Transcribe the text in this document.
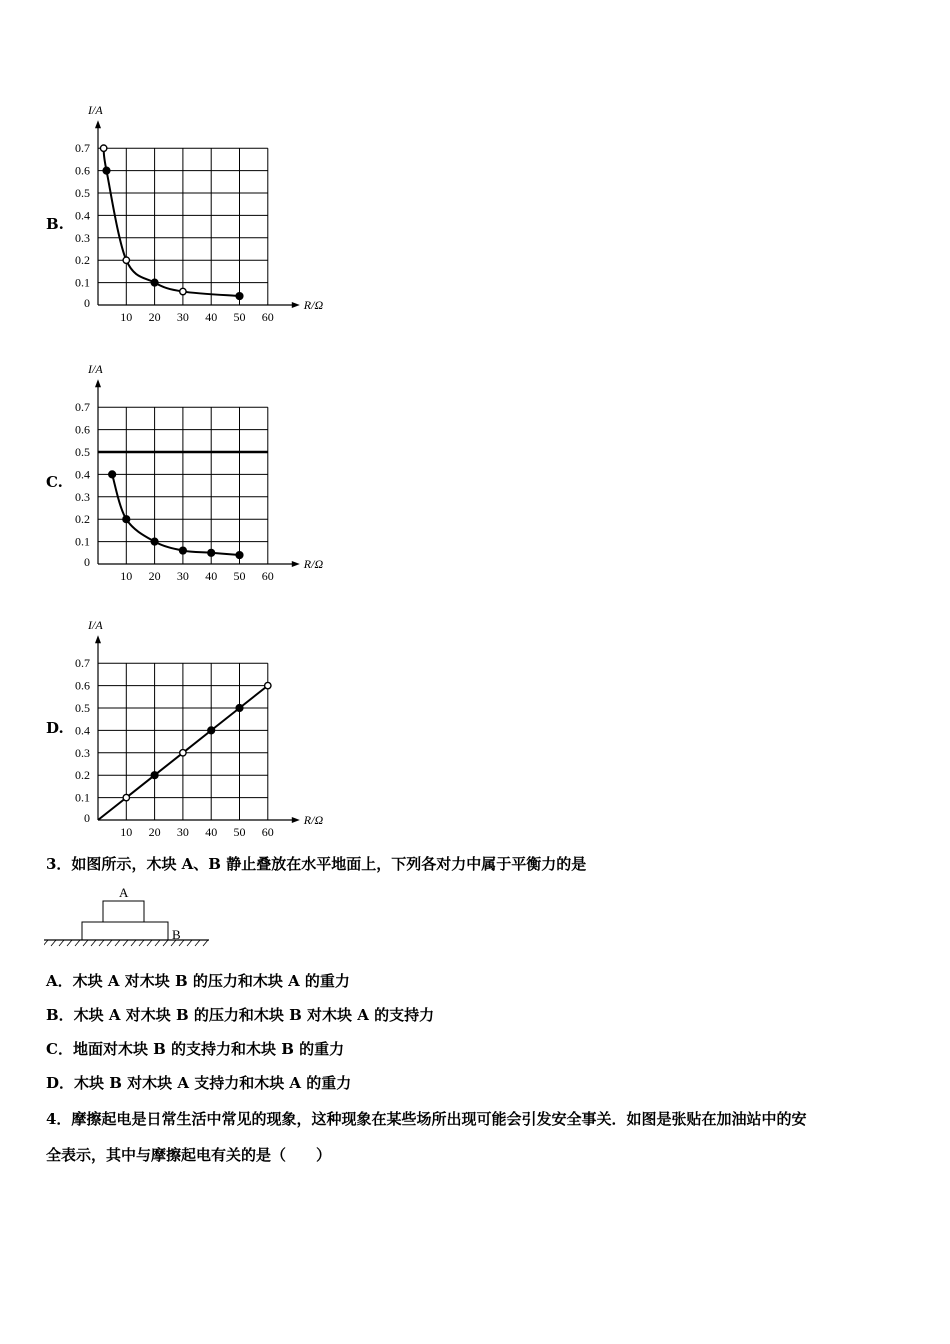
B.
I/A
R/Ω
0
0.1
0.2
0.3
0.4
0.5
0.6
0.7
10 20 30 40 50 60
C.
I/A
R/Ω
0
0.1
0.2
0.3
0.4
0.5
0.6
0.7
10 20 30 40 50 60
D.
I/A
R/Ω
0
0.1
0.2
0.3
0.4
0.5
0.6
0.7
10 20 30 40 50 60
3．如图所示，木块 A、B 静止叠放在水平地面上，下列各对力中属于平衡力的是
A
B
A．木块 A 对木块 B 的压力和木块 A 的重力
B．木块 A 对木块 B 的压力和木块 B 对木块 A 的支持力
C．地面对木块 B 的支持力和木块 B 的重力
D．木块 B 对木块 A 支持力和木块 A 的重力
4．摩擦起电是日常生活中常见的现象，这种现象在某些场所出现可能会引发安全事关．如图是张贴在加油站中的安
全表示，其中与摩擦起电有关的是（　　）
